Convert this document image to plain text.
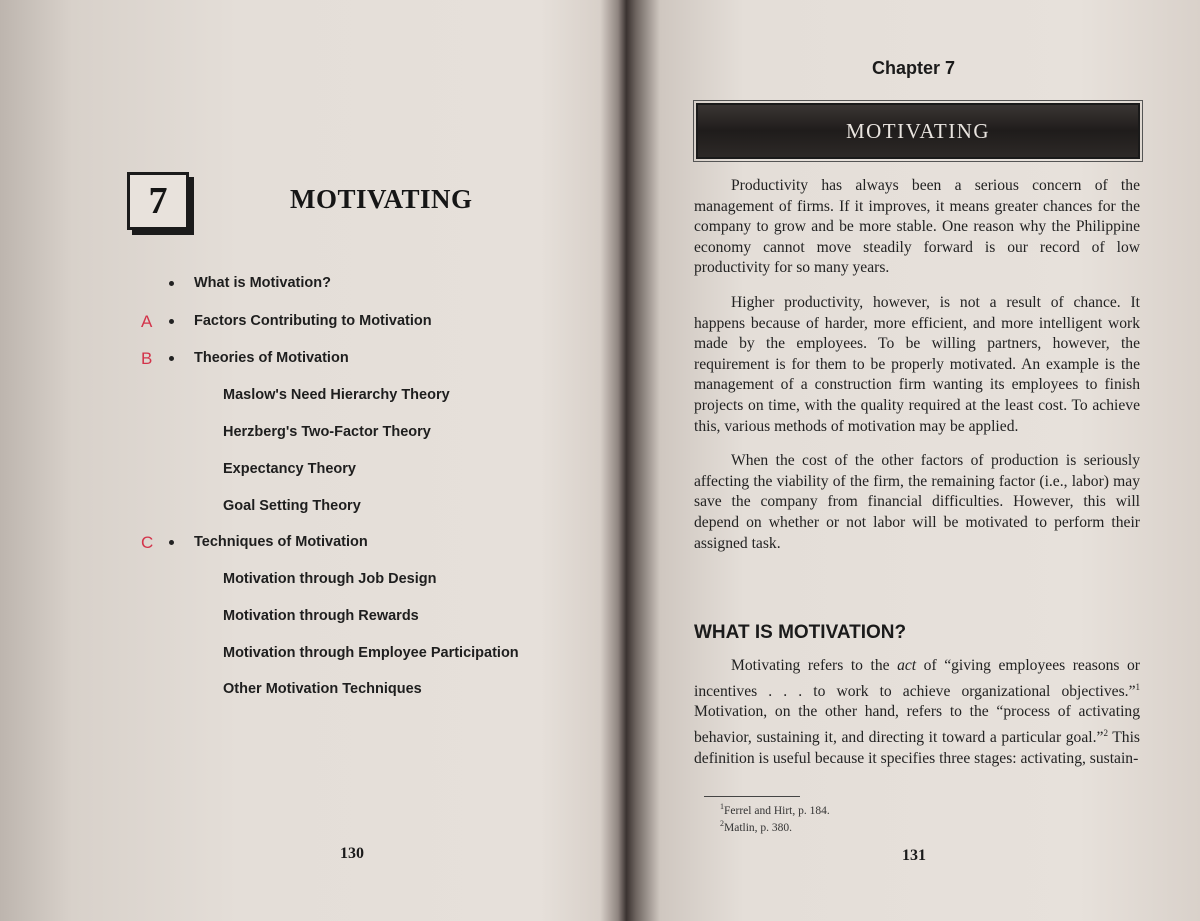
7	MOTIVATING
What is Motivation?
A	Factors Contributing to Motivation
B	Theories of Motivation
Maslow's Need Hierarchy Theory
Herzberg's Two-Factor Theory
Expectancy Theory
Goal Setting Theory
C	Techniques of Motivation
Motivation through Job Design
Motivation through Rewards
Motivation through Employee Participation
Other Motivation Techniques
130
Chapter 7
MOTIVATING

Productivity has always been a serious concern of the management of firms. If it improves, it means greater chances for the company to grow and be more stable. One reason why the Philippine economy cannot move steadily forward is our record of low productivity for so many years.

Higher productivity, however, is not a result of chance. It happens because of harder, more efficient, and more intelligent work made by the employees. To be willing partners, however, the requirement is for them to be properly motivated. An example is the management of a construction firm wanting its employees to finish projects on time, with the quality required at the least cost. To achieve this, various methods of motivation may be applied.

When the cost of the other factors of production is seriously affecting the viability of the firm, the remaining factor (i.e., labor) may save the company from financial difficulties. However, this will depend on whether or not labor will be motivated to perform their assigned task.

WHAT IS MOTIVATION?

Motivating refers to the act of “giving employees reasons or incentives . . . to work to achieve organizational objectives.”$^1$ Motivation, on the other hand, refers to the “process of activating behavior, sustaining it, and directing it toward a particular goal.”$^2$ This definition is useful because it specifies three stages: activating, sustain-

$^1$Ferrel and Hirt, p. 184.
$^2$Matlin, p. 380.
131
